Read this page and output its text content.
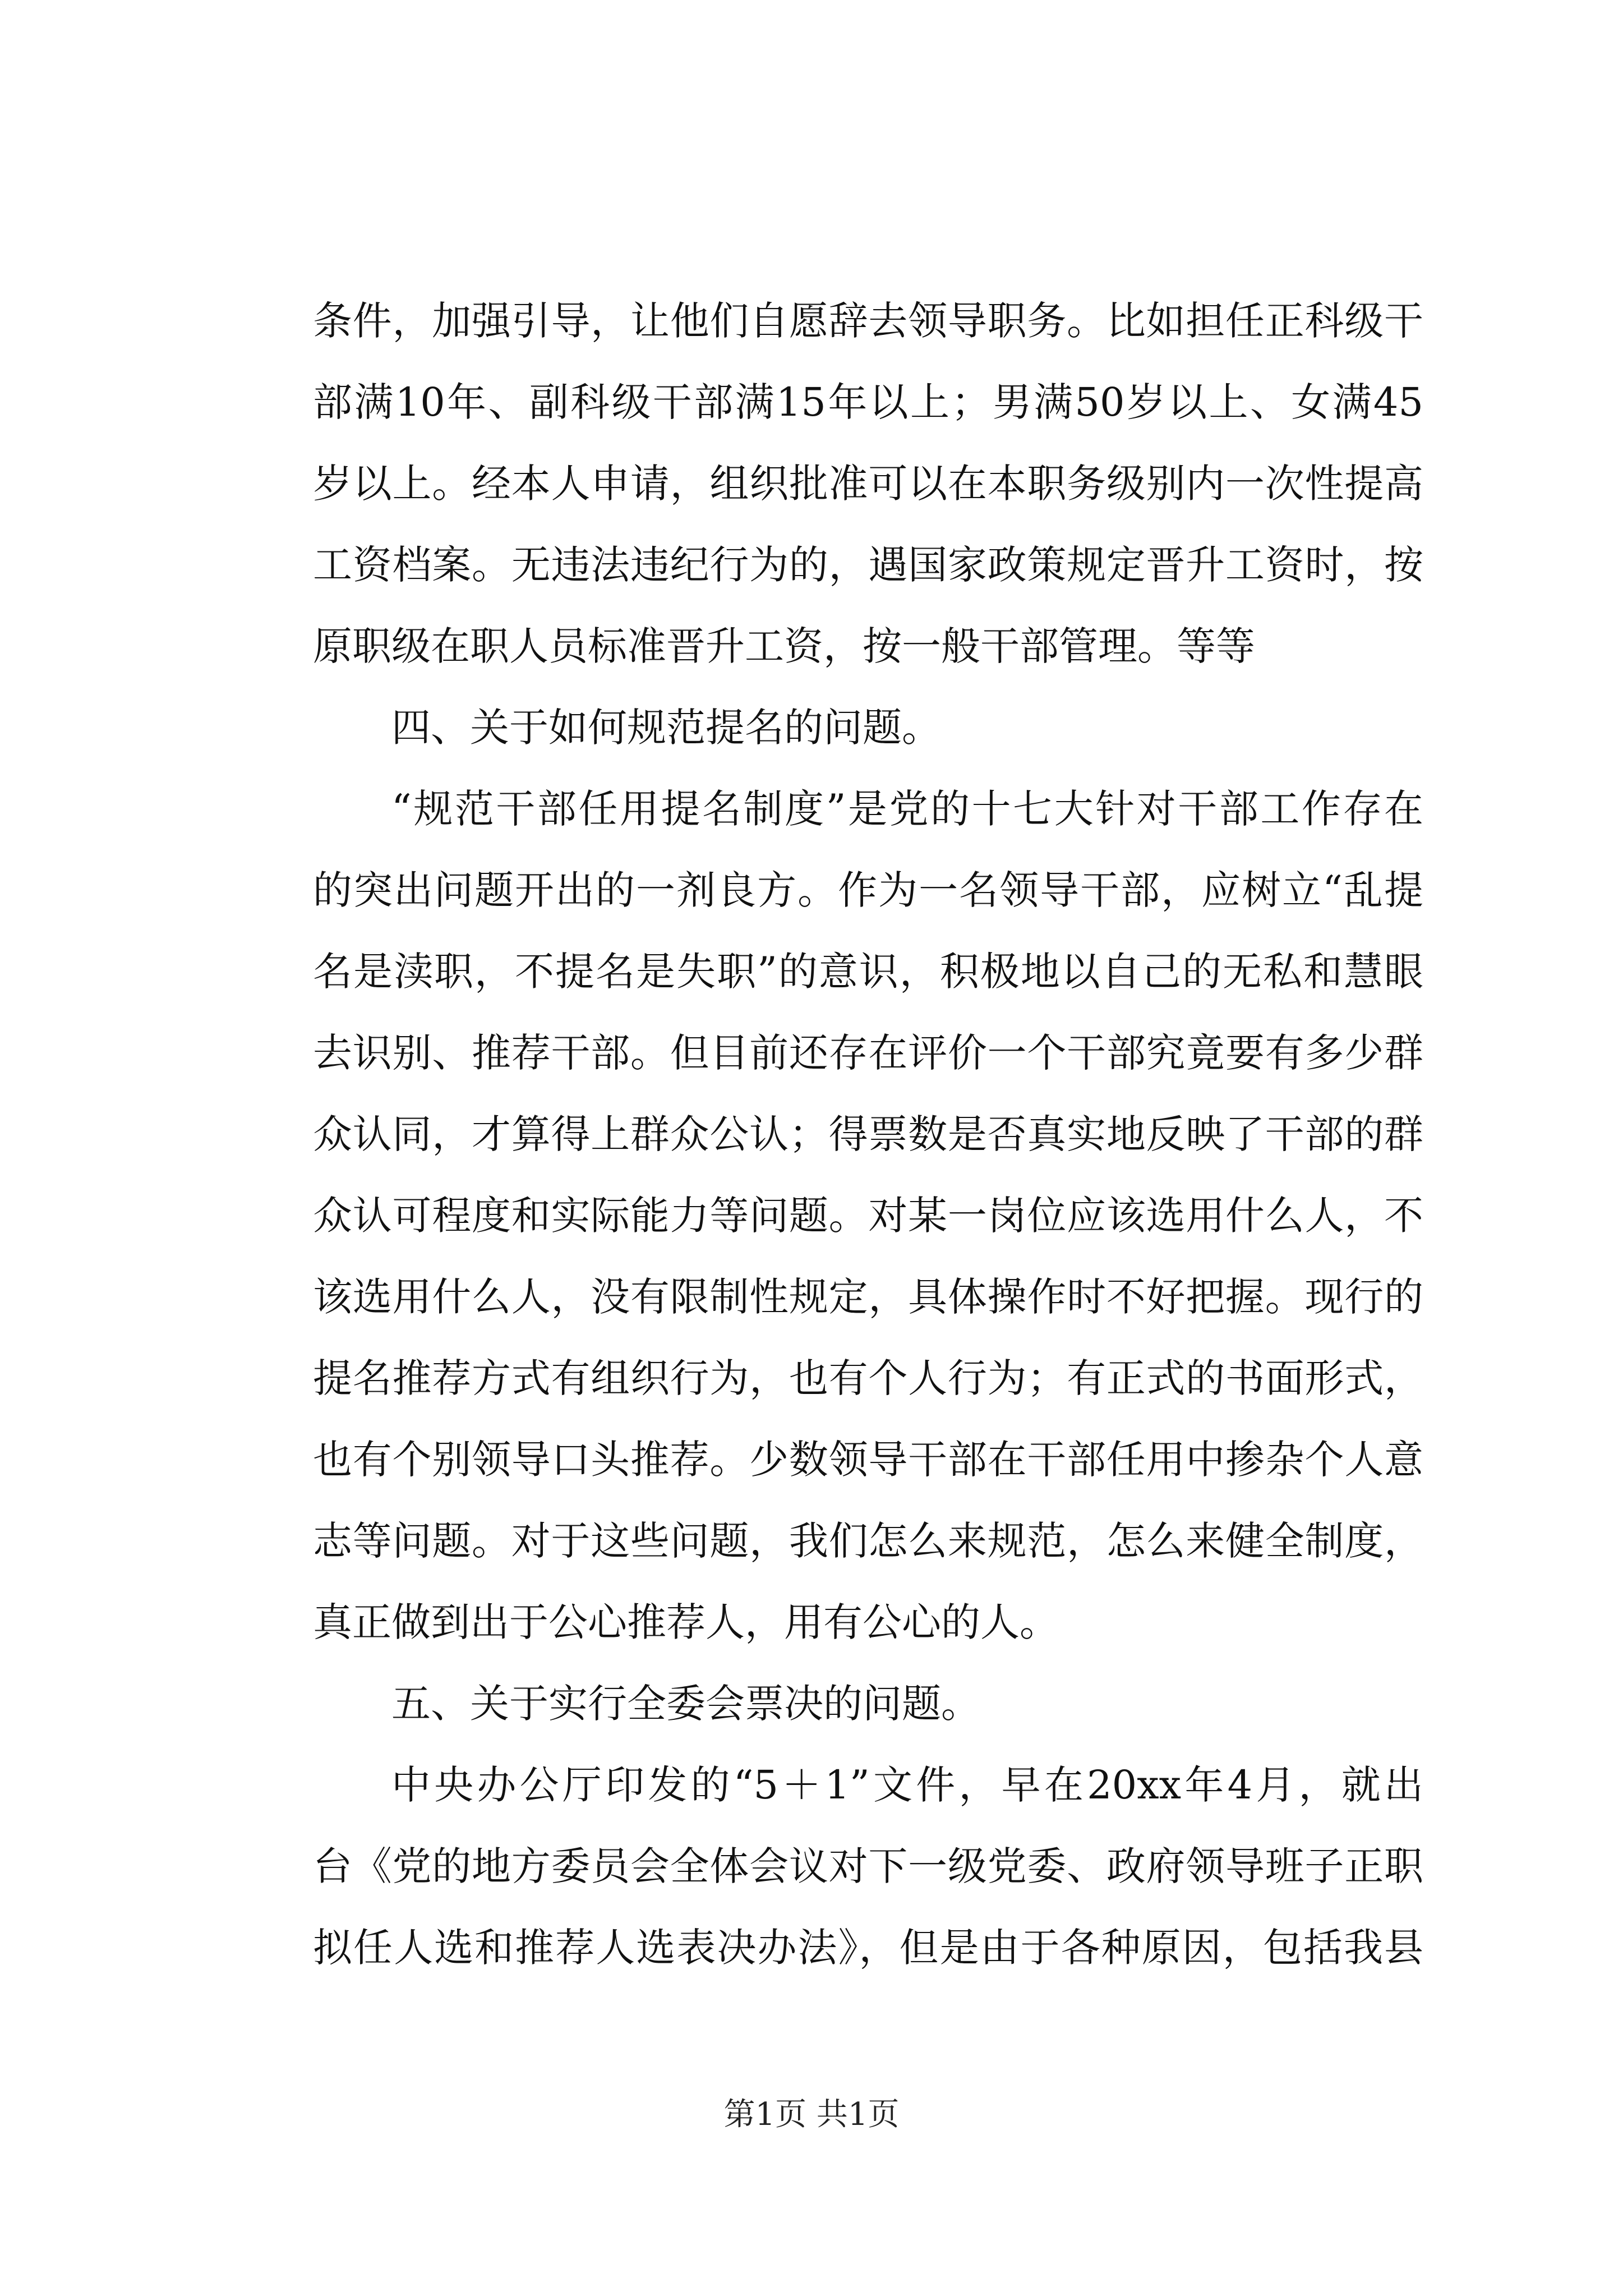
条件，加强引导，让他们自愿辞去领导职务。比如担任正科级干
部满10年、副科级干部满15年以上；男满50岁以上、女满45
岁以上。经本人申请，组织批准可以在本职务级别内一次性提高
工资档案。无违法违纪行为的，遇国家政策规定晋升工资时，按
原职级在职人员标准晋升工资，按一般干部管理。等等
四、关于如何规范提名的问题。
“规范干部任用提名制度”是党的十七大针对干部工作存在
的突出问题开出的一剂良方。作为一名领导干部，应树立“乱提
名是渎职，不提名是失职”的意识，积极地以自己的无私和慧眼
去识别、推荐干部。但目前还存在评价一个干部究竟要有多少群
众认同，才算得上群众公认；得票数是否真实地反映了干部的群
众认可程度和实际能力等问题。对某一岗位应该选用什么人，不
该选用什么人，没有限制性规定，具体操作时不好把握。现行的
提名推荐方式有组织行为，也有个人行为；有正式的书面形式，
也有个别领导口头推荐。少数领导干部在干部任用中掺杂个人意
志等问题。对于这些问题，我们怎么来规范，怎么来健全制度，
真正做到出于公心推荐人，用有公心的人。
五、关于实行全委会票决的问题。
中央办公厅印发的“5＋1”文件，早在20xx年4月，就出
台《党的地方委员会全体会议对下一级党委、政府领导班子正职
拟任人选和推荐人选表决办法》，但是由于各种原因，包括我县
第1页 共1页
